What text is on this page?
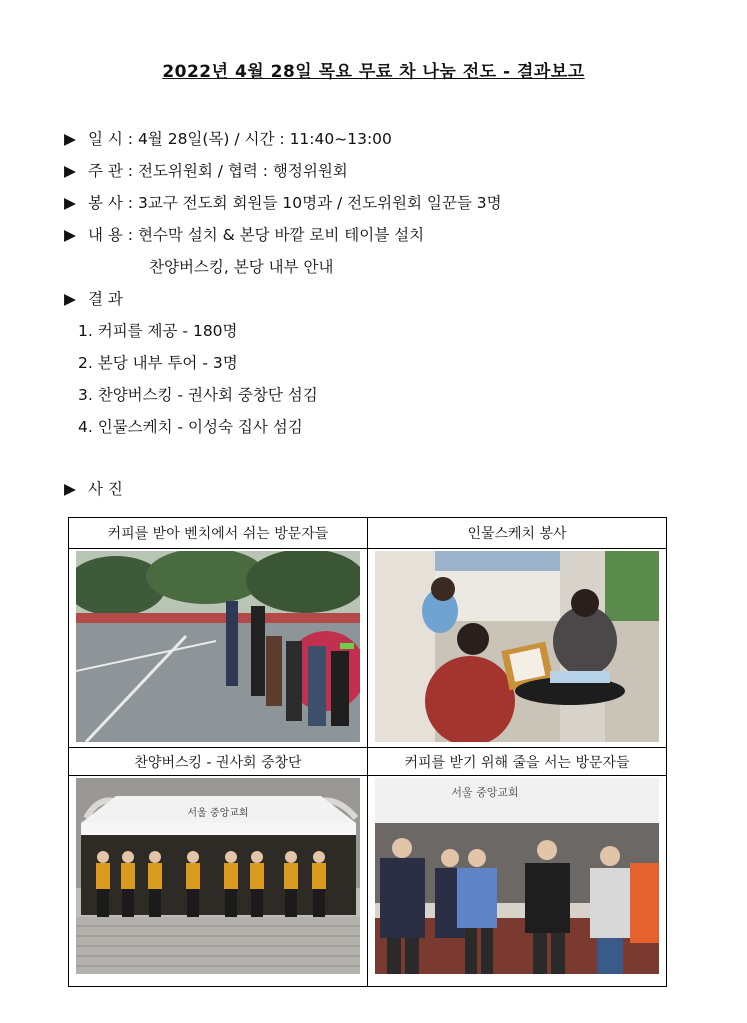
2022년 4월 28일 목요 무료 차 나눔 전도 - 결과보고
▶ 일 시 : 4월 28일(목) / 시간 : 11:40~13:00
▶ 주 관 : 전도위원회 / 협력 : 행정위원회
▶ 봉 사 : 3교구 전도회 회원들 10명과 / 전도위원회 일꾼들 3명
▶ 내 용 : 현수막 설치 & 본당 바깥 로비 테이블 설치
찬양버스킹, 본당 내부 안내
▶ 결 과
1. 커피를 제공 - 180명
2. 본당 내부 투어 - 3명
3. 찬양버스킹 - 권사회 중창단 섬김
4. 인물스케치 - 이성숙 집사 섬김
▶ 사 진
커피를 받아 벤치에서 쉬는 방문자들	인물스케치 봉사

찬양버스킹 - 권사회 중창단	커피를 받기 위해 줄을 서는 방문자들

서울 중앙교회	서울 중앙교회
